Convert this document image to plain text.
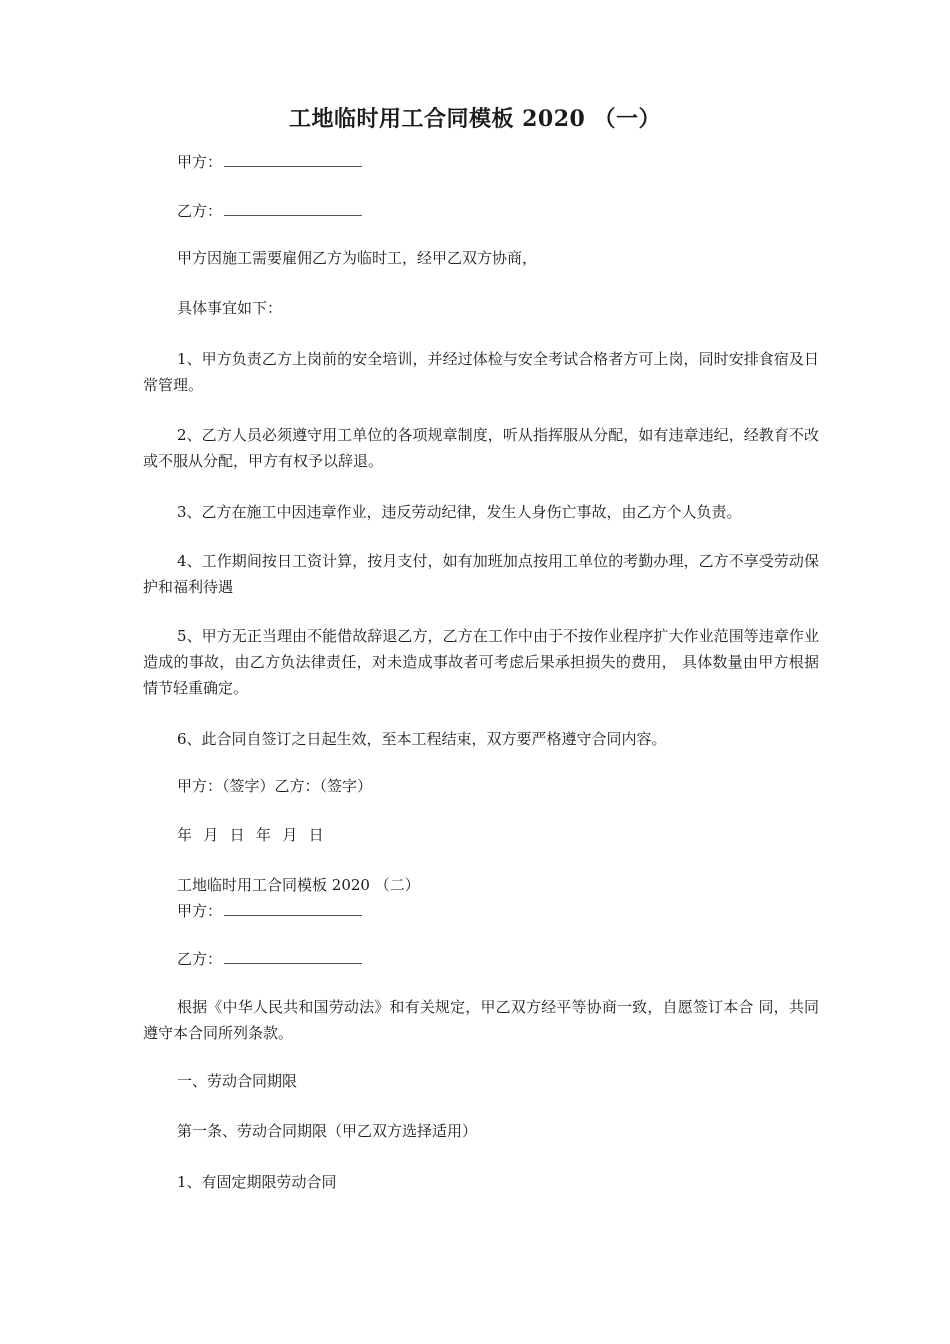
工地临时用工合同模板 2020 （一）
甲方：
乙方：
甲方因施工需要雇佣乙方为临时工，经甲乙双方协商，
具体事宜如下：
1、甲方负责乙方上岗前的安全培训，并经过体检与安全考试合格者方可上岗，同时安排食宿及日常管理。
2、乙方人员必须遵守用工单位的各项规章制度，听从指挥服从分配，如有违章违纪，经教育不改或不服从分配，甲方有权予以辞退。
3、乙方在施工中因违章作业，违反劳动纪律，发生人身伤亡事故，由乙方个人负责。
4、工作期间按日工资计算，按月支付，如有加班加点按用工单位的考勤办理，乙方不享受劳动保护和福利待遇
5、甲方无正当理由不能借故辞退乙方，乙方在工作中由于不按作业程序扩大作业范围等违章作业造成的事故，由乙方负法律责任，对未造成事故者可考虑后果承担损失的费用， 具体数量由甲方根据情节轻重确定。
6、此合同自签订之日起生效，至本工程结束，双方要严格遵守合同内容。
甲方：（签字）乙方：（签字）
年  月  日  年  月  日
工地临时用工合同模板 2020 （二）
甲方：
乙方：
根据《中华人民共和国劳动法》和有关规定，甲乙双方经平等协商一致，自愿签订本合 同，共同遵守本合同所列条款。
一、劳动合同期限
第一条、劳动合同期限（甲乙双方选择适用）
1、有固定期限劳动合同
